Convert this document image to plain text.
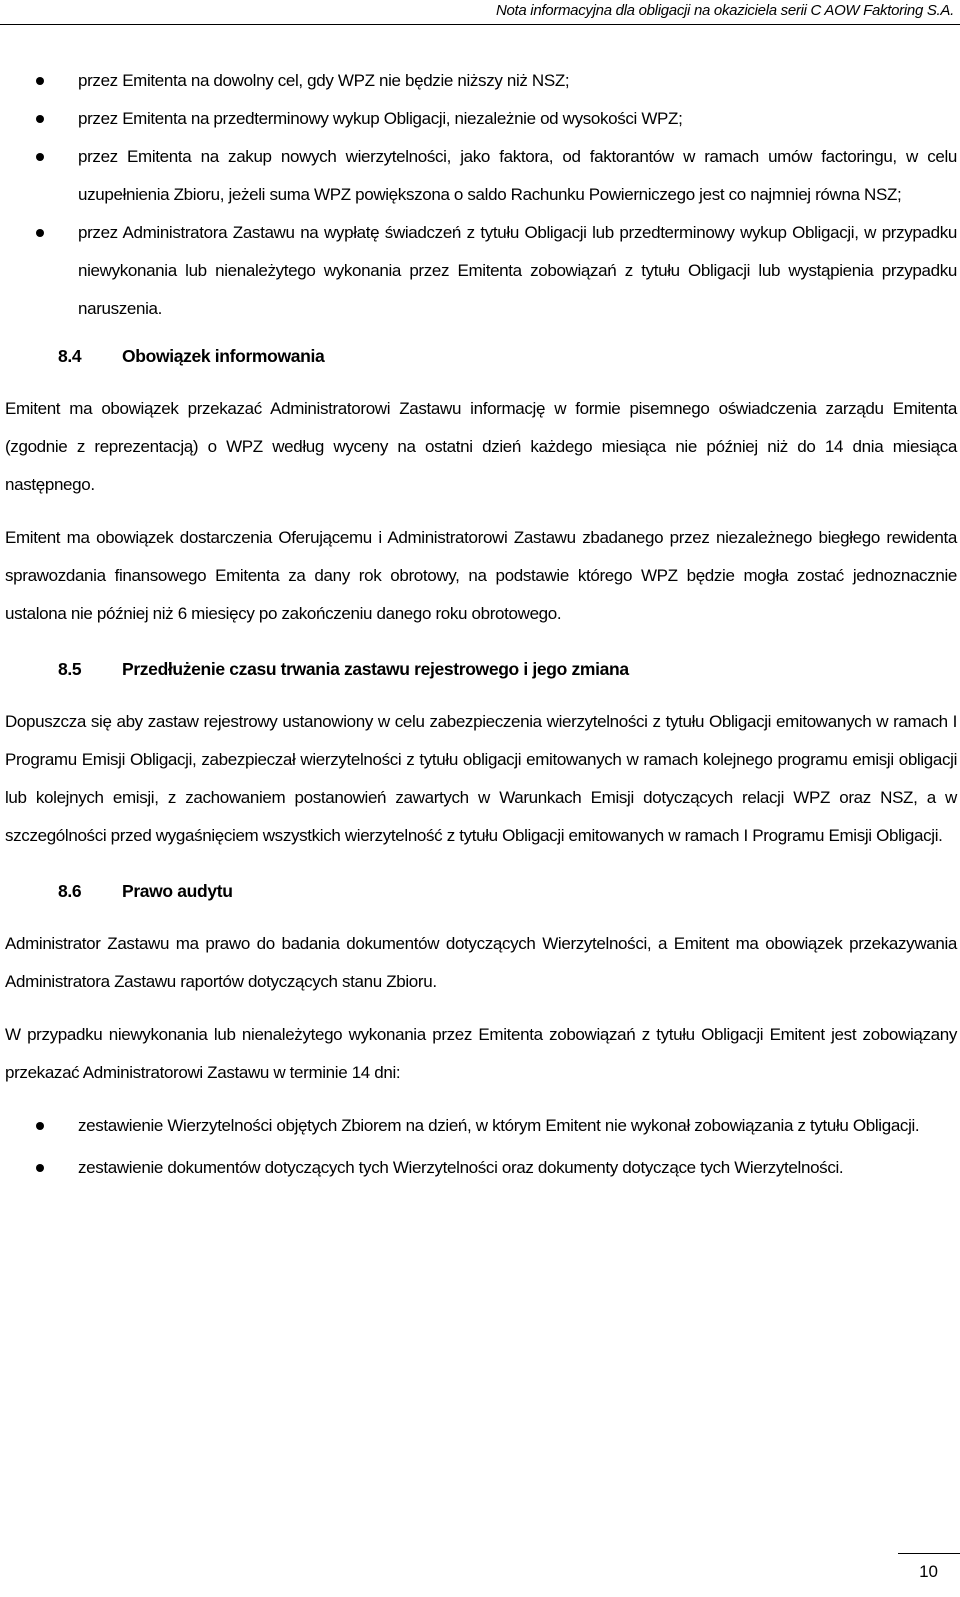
Nota informacyjna dla obligacji na okaziciela serii C AOW Faktoring S.A.
przez Emitenta na dowolny cel, gdy WPZ nie będzie niższy niż NSZ;
przez Emitenta na przedterminowy wykup Obligacji, niezależnie od wysokości WPZ;
przez Emitenta na zakup nowych wierzytelności, jako faktora, od faktorantów w ramach umów factoringu, w celu uzupełnienia Zbioru, jeżeli suma WPZ powiększona o saldo Rachunku Powierniczego jest co najmniej równa NSZ;
przez Administratora Zastawu na wypłatę świadczeń z tytułu Obligacji lub przedterminowy wykup Obligacji, w przypadku niewykonania lub nienależytego wykonania przez Emitenta zobowiązań z tytułu Obligacji lub wystąpienia przypadku naruszenia.
8.4 Obowiązek informowania

Emitent ma obowiązek przekazać Administratorowi Zastawu informację w formie pisemnego oświadczenia zarządu Emitenta (zgodnie z reprezentacją) o WPZ według wyceny na ostatni dzień każdego miesiąca nie później niż do 14 dnia miesiąca następnego.

Emitent ma obowiązek dostarczenia Oferującemu i Administratorowi Zastawu zbadanego przez niezależnego biegłego rewidenta sprawozdania finansowego Emitenta za dany rok obrotowy, na podstawie którego WPZ będzie mogła zostać jednoznacznie ustalona nie później niż 6 miesięcy po zakończeniu danego roku obrotowego.

8.5 Przedłużenie czasu trwania zastawu rejestrowego i jego zmiana

Dopuszcza się aby zastaw rejestrowy ustanowiony w celu zabezpieczenia wierzytelności z tytułu Obligacji emitowanych w ramach I Programu Emisji Obligacji, zabezpieczał wierzytelności z tytułu obligacji emitowanych w ramach kolejnego programu emisji obligacji lub kolejnych emisji, z zachowaniem postanowień zawartych w Warunkach Emisji dotyczących relacji WPZ oraz NSZ, a w szczególności przed wygaśnięciem wszystkich wierzytelność z tytułu Obligacji emitowanych w ramach I Programu Emisji Obligacji.

8.6 Prawo audytu

Administrator Zastawu ma prawo do badania dokumentów dotyczących Wierzytelności, a Emitent ma obowiązek przekazywania Administratora Zastawu raportów dotyczących stanu Zbioru.

W przypadku niewykonania lub nienależytego wykonania przez Emitenta zobowiązań z tytułu Obligacji Emitent jest zobowiązany przekazać Administratorowi Zastawu w terminie 14 dni:

zestawienie Wierzytelności objętych Zbiorem na dzień, w którym Emitent nie wykonał zobowiązania z tytułu Obligacji.
zestawienie dokumentów dotyczących tych Wierzytelności oraz dokumenty dotyczące tych Wierzytelności.
10
